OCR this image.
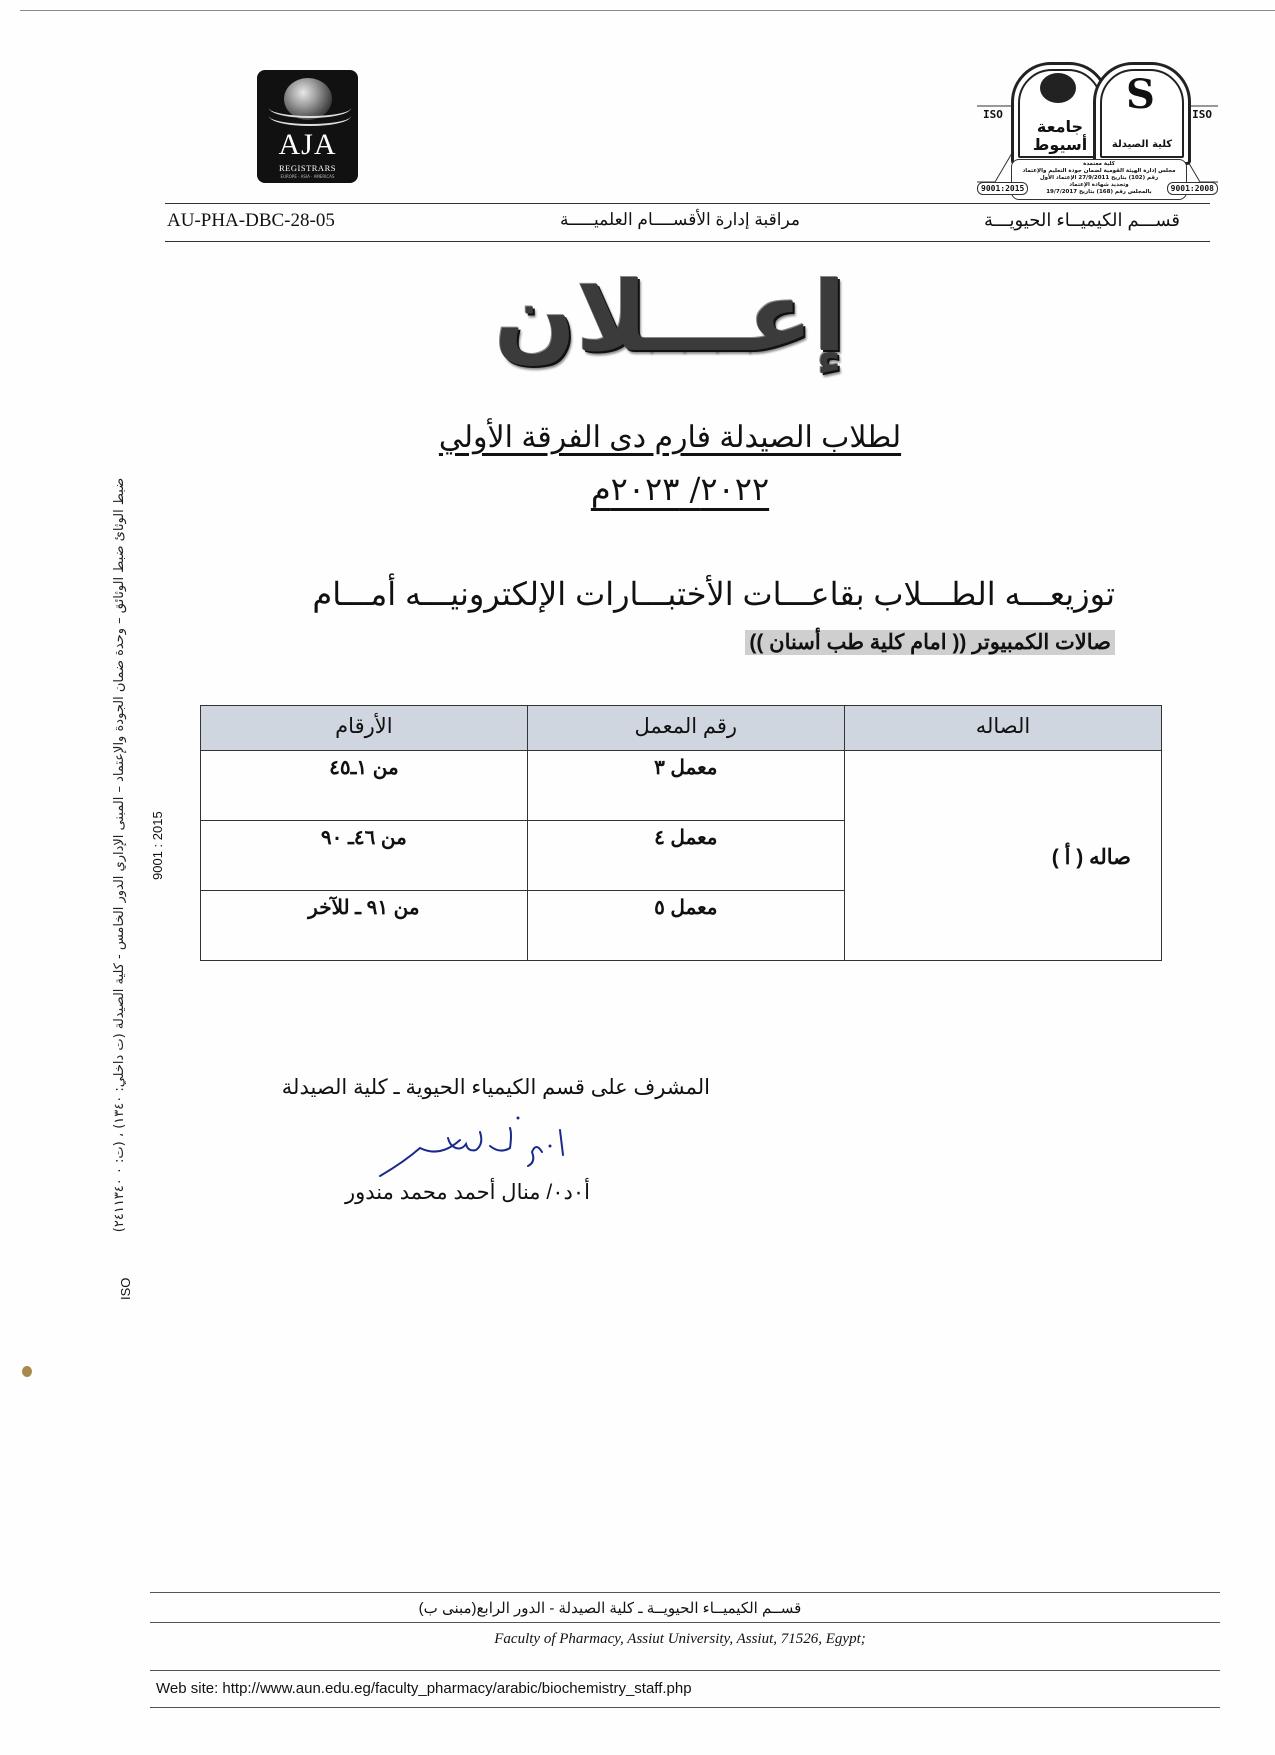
AJA
REGISTRARS
EUROPE · ASIA · AMERICAS
ISO	ISO
جامعة أسيوط
S
كلية الصيدلة
كلية معتمدة
مجلس إدارة الهيئة القومية لضمان جودة التعليم والإعتماد
رقم (102) بتاريخ 27/9/2011 الإعتماد الأول
وتجديد شهادة الإعتماد
بالمجلس رقم (168) بتاريخ 19/7/2017
9001:2015	9001:2008
AU-PHA-DBC-28-05	مراقبة إدارة الأقســــام العلميـــــة	قســـم الكيميــاء الحيويـــة
إعـــلان
لطلاب الصيدلة فارم دى الفرقة الأولي
٢٠٢٢/ ٢٠٢٣م
توزيعـــه الطـــلاب بقاعـــات الأختبـــارات الإلكترونيـــه أمـــام
صالات الكمبيوتر (( امام كلية طب أسنان ))
الصاله	رقم المعمل	الأرقام
صاله ( أ )	معمل ٣	من ١ـ٤٥
	معمل ٤	من ٤٦ـ ٩٠
	معمل ٥	من ٩١ ـ للآخر
المشرف على قسم الكيمياء الحيوية ـ كلية الصيدلة
أ٠د٠/ منال أحمد محمد مندور
ضبط الوثائ ضبط الوثائق – وحدة ضمان الجودة والإعتماد – المبنى الإداري الدور الخامس - كلية الصيدلة (ت داخلي: ١٣٤٠) ، (ت: ٠ ٢٤١١٣٤٠) 9001 : 2015
ISO
قســم الكيميــاء الحيويــة ـ كلية الصيدلة - الدور الرابع(مبنى ب)
Faculty of Pharmacy, Assiut University, Assiut, 71526, Egypt;
Web site: http://www.aun.edu.eg/faculty_pharmacy/arabic/biochemistry_staff.php
